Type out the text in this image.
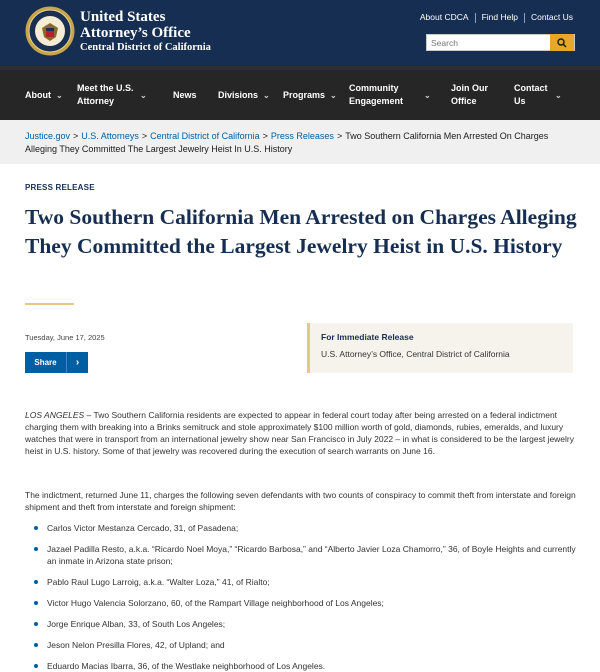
United States
Attorney’s Office
Central District of California
About CDCA Find Help Contact Us
Search
About ⌄
Meet the U.S. Attorney
⌄	News Divisions ⌄ Programs ⌄
Community Engagement
⌄
Join Our Office
Contact Us
⌄
Justice.gov > U.S. Attorneys > Central District of California > Press Releases > Two Southern California Men Arrested On Charges Alleging They Committed The Largest Jewelry Heist In U.S. History
PRESS RELEASE
Two Southern California Men Arrested on Charges Alleging They Committed the Largest Jewelry Heist in U.S. History
Tuesday, June 17, 2025
Share	›
For Immediate Release
U.S. Attorney’s Office, Central District of California

LOS ANGELES – Two Southern California residents are expected to appear in federal court today after being arrested on a federal indictment charging them with breaking into a Brinks semitruck and stole approximately $100 million worth of gold, diamonds, rubies, emeralds, and luxury watches that were in transport from an international jewelry show near San Francisco in July 2022 – in what is considered to be the largest jewelry heist in U.S. history. Some of that jewelry was recovered during the execution of search warrants on June 16.

The indictment, returned June 11, charges the following seven defendants with two counts of conspiracy to commit theft from interstate and foreign shipment and theft from interstate and foreign shipment:

Carlos Victor Mestanza Cercado, 31, of Pasadena;
Jazael Padilla Resto, a.k.a. “Ricardo Noel Moya,” “Ricardo Barbosa,” and “Alberto Javier Loza Chamorro,” 36, of Boyle Heights and currently an inmate in Arizona state prison;
Pablo Raul Lugo Larroig, a.k.a. “Walter Loza,” 41, of Rialto;
Victor Hugo Valencia Solorzano, 60, of the Rampart Village neighborhood of Los Angeles;
Jorge Enrique Alban, 33, of South Los Angeles;
Jeson Nelon Presilla Flores, 42, of Upland; and
Eduardo Macias Ibarra, 36, of the Westlake neighborhood of Los Angeles.
